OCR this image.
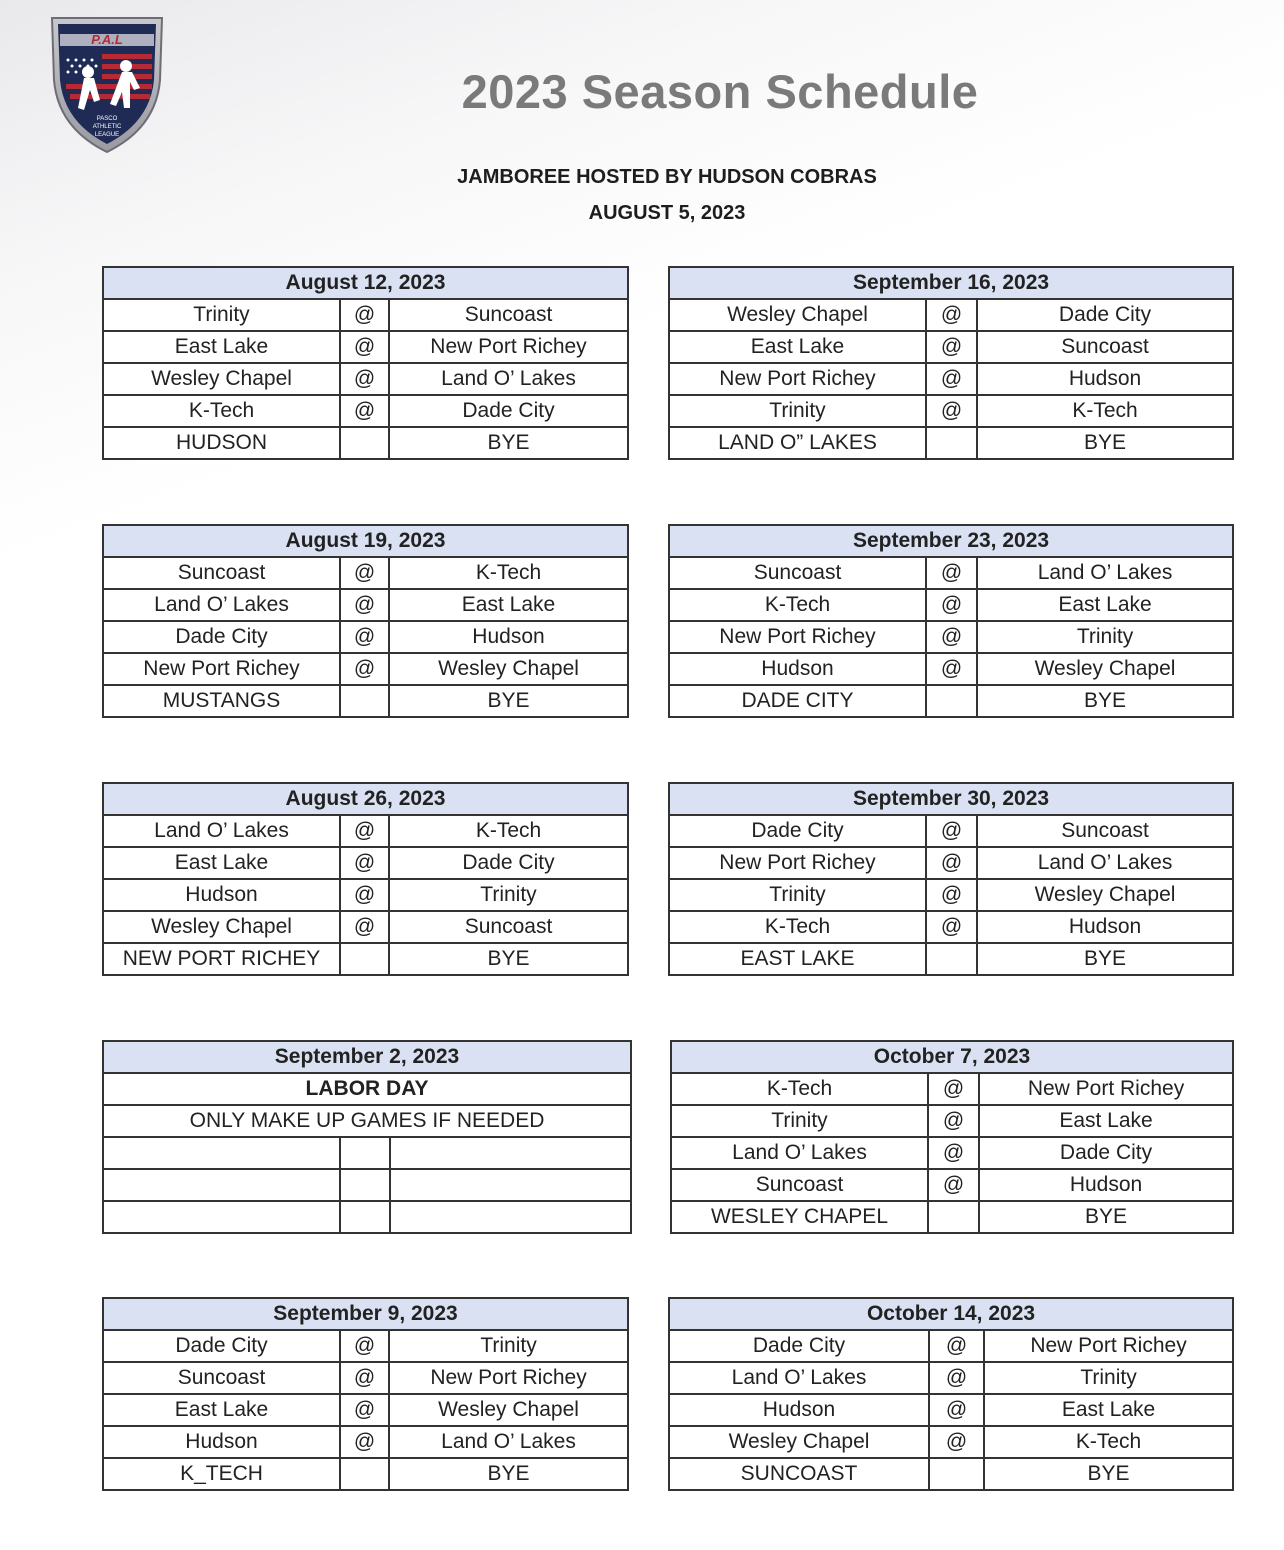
P.A.L
PASCO
ATHLETIC
LEAGUE
2023 Season Schedule
JAMBOREE HOSTED BY HUDSON COBRAS
AUGUST 5, 2023
August 12, 2023		
Trinity	@	Suncoast
East Lake	@	New Port Richey
Wesley Chapel	@	Land O’ Lakes
K-Tech	@	Dade City
HUDSON		BYE
September 16, 2023		
Wesley Chapel	@	Dade City
East Lake	@	Suncoast
New Port Richey	@	Hudson
Trinity	@	K-Tech
LAND O” LAKES		BYE
August 19, 2023		
Suncoast	@	K-Tech
Land O’ Lakes	@	East Lake
Dade City	@	Hudson
New Port Richey	@	Wesley Chapel
MUSTANGS		BYE
September 23, 2023		
Suncoast	@	Land O’ Lakes
K-Tech	@	East Lake
New Port Richey	@	Trinity
Hudson	@	Wesley Chapel
DADE CITY		BYE
August 26, 2023		
Land O’ Lakes	@	K-Tech
East Lake	@	Dade City
Hudson	@	Trinity
Wesley Chapel	@	Suncoast
NEW PORT RICHEY		BYE
September 30, 2023		
Dade City	@	Suncoast
New Port Richey	@	Land O’ Lakes
Trinity	@	Wesley Chapel
K-Tech	@	Hudson
EAST LAKE		BYE
September 2, 2023		
LABOR DAY		
ONLY MAKE UP GAMES IF NEEDED		

October 7, 2023		
K-Tech	@	New Port Richey
Trinity	@	East Lake
Land O’ Lakes	@	Dade City
Suncoast	@	Hudson
WESLEY CHAPEL		BYE
September 9, 2023		
Dade City	@	Trinity
Suncoast	@	New Port Richey
East Lake	@	Wesley Chapel
Hudson	@	Land O’ Lakes
K_TECH		BYE
October 14, 2023		
Dade City	@	New Port Richey
Land O’ Lakes	@	Trinity
Hudson	@	East Lake
Wesley Chapel	@	K-Tech
SUNCOAST		BYE
